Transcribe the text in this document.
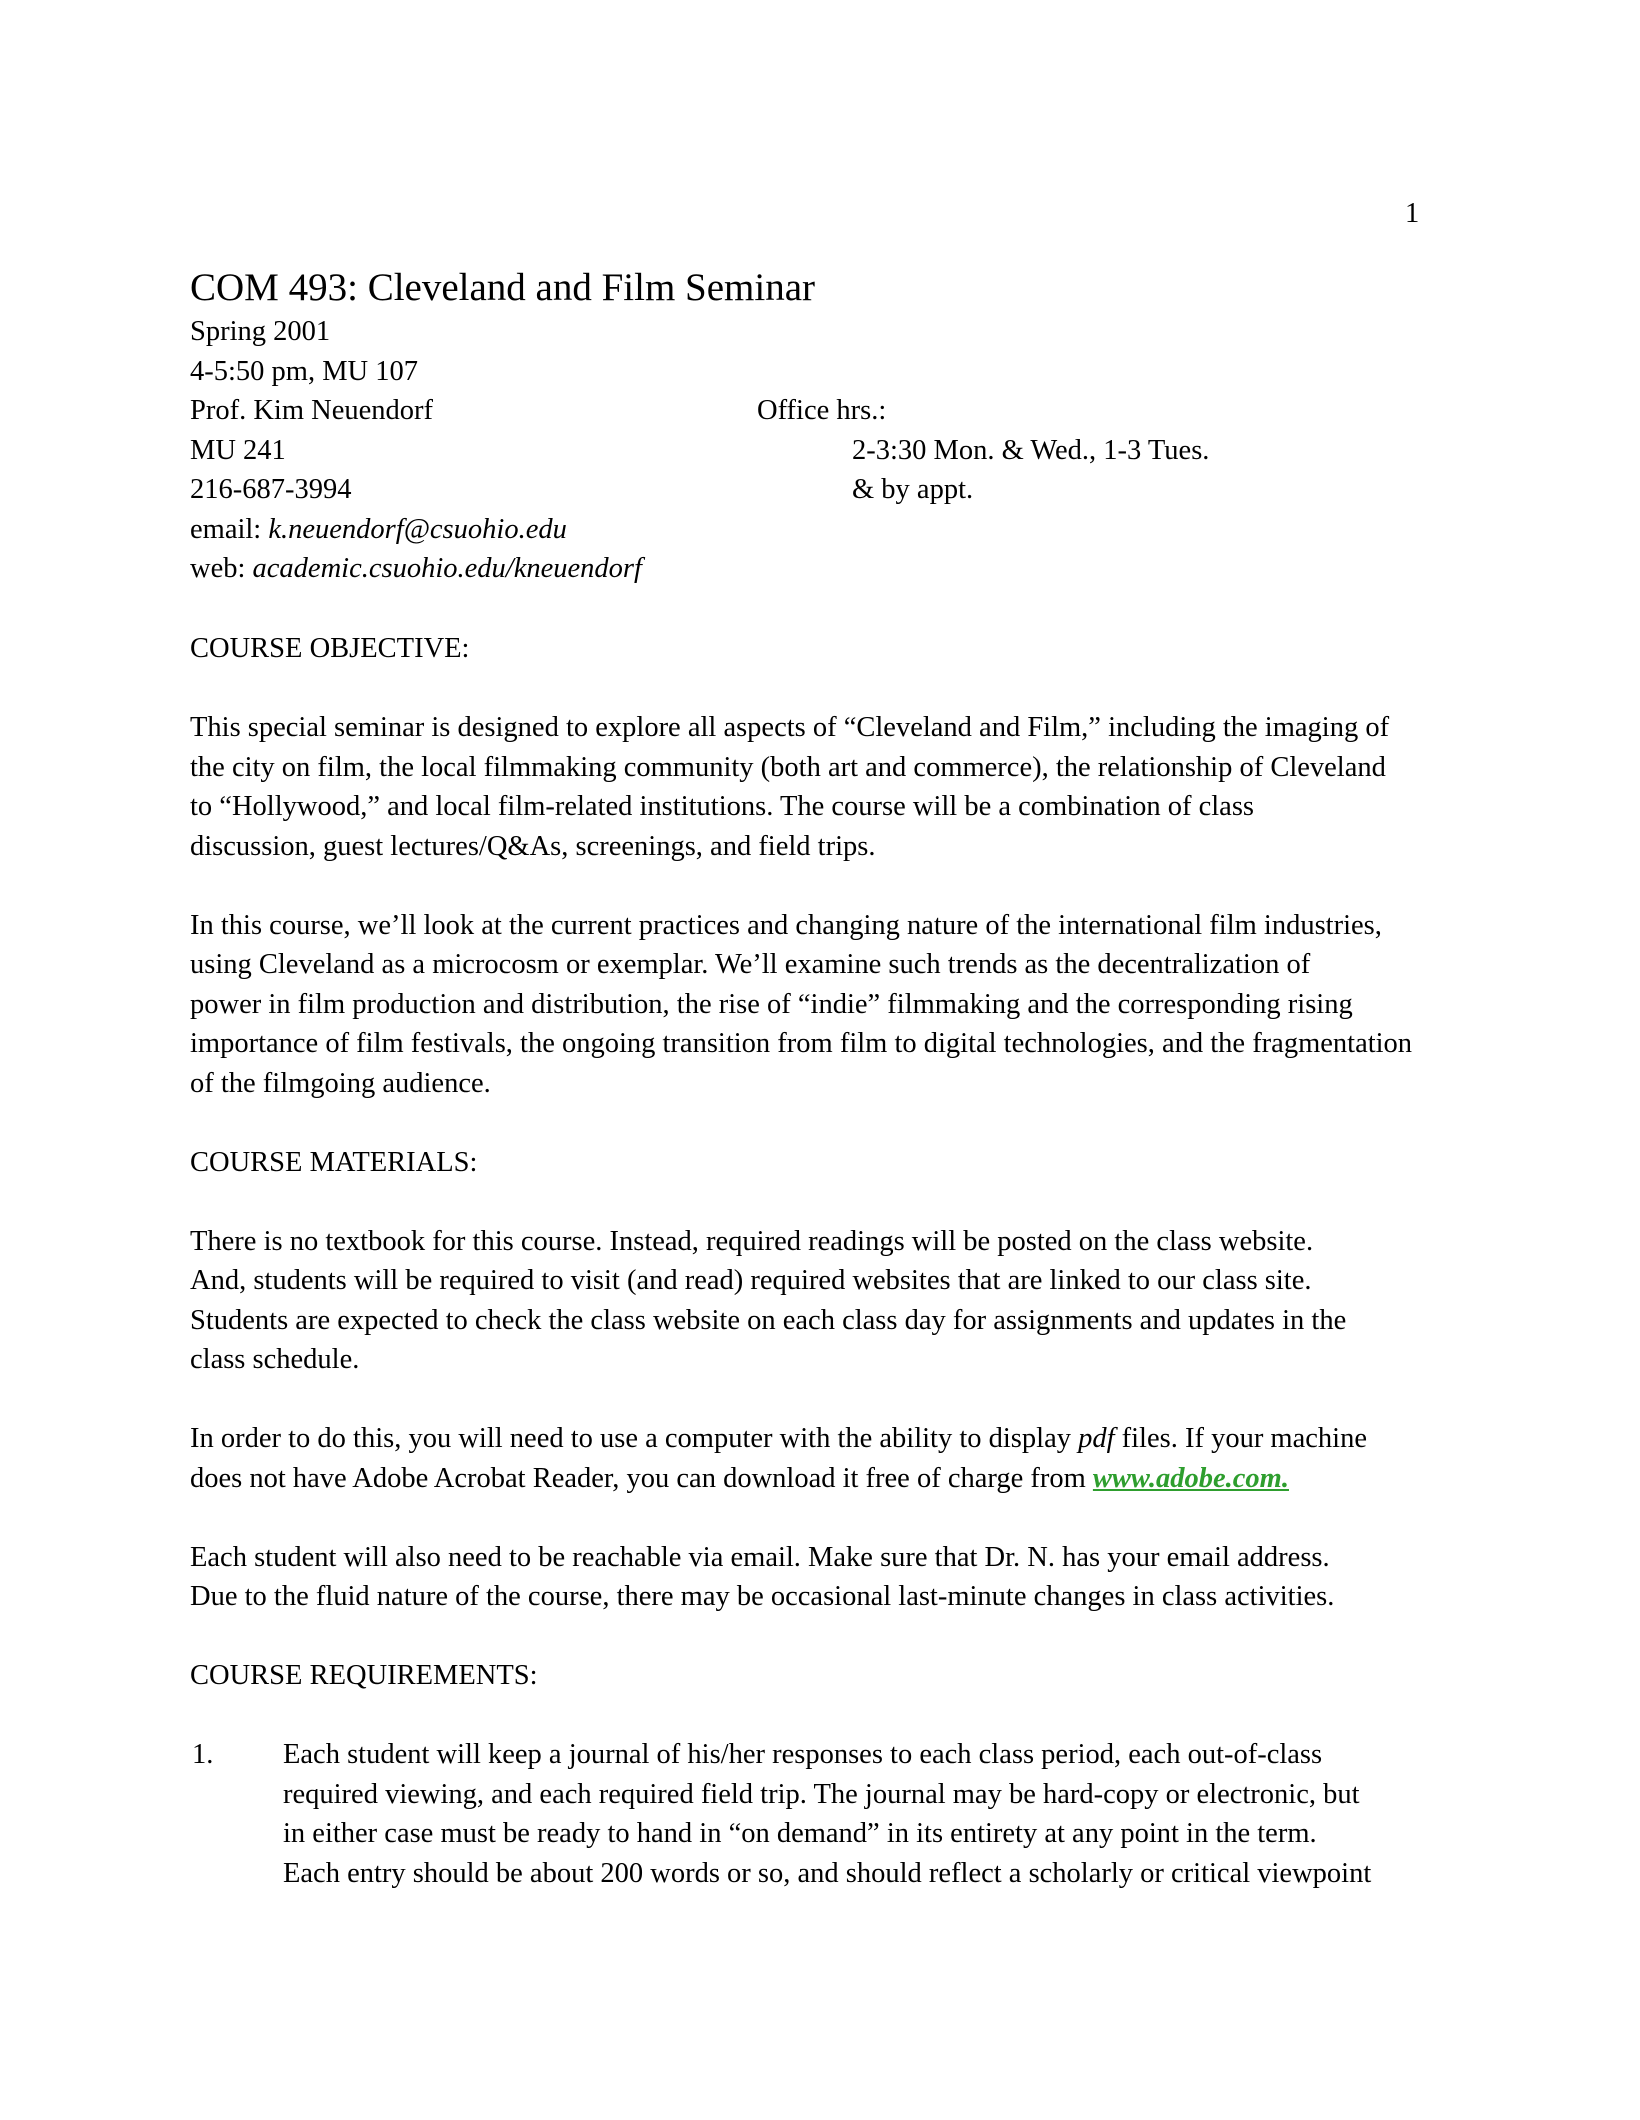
1
COM 493: Cleveland and Film Seminar
Spring 2001
4-5:50 pm, MU 107
Prof. Kim Neuendorf	Office hrs.:
MU 241	2-3:30 Mon. & Wed., 1-3 Tues.
216-687-3994	& by appt.
email: k.neuendorf@csuohio.edu
web: academic.csuohio.edu/kneuendorf
COURSE OBJECTIVE:

This special seminar is designed to explore all aspects of “Cleveland and Film,” including the imaging of
the city on film, the local filmmaking community (both art and commerce), the relationship of Cleveland
to “Hollywood,” and local film-related institutions. The course will be a combination of class
discussion, guest lectures/Q&As, screenings, and field trips.

In this course, we’ll look at the current practices and changing nature of the international film industries,
using Cleveland as a microcosm or exemplar. We’ll examine such trends as the decentralization of
power in film production and distribution, the rise of “indie” filmmaking and the corresponding rising
importance of film festivals, the ongoing transition from film to digital technologies, and the fragmentation
of the filmgoing audience.

COURSE MATERIALS:

There is no textbook for this course. Instead, required readings will be posted on the class website.
And, students will be required to visit (and read) required websites that are linked to our class site.
Students are expected to check the class website on each class day for assignments and updates in the
class schedule.

In order to do this, you will need to use a computer with the ability to display pdf files. If your machine
does not have Adobe Acrobat Reader, you can download it free of charge from www.adobe.com.

Each student will also need to be reachable via email. Make sure that Dr. N. has your email address.
Due to the fluid nature of the course, there may be occasional last-minute changes in class activities.

COURSE REQUIREMENTS:
1. Each student will keep a journal of his/her responses to each class period, each out-of-class
required viewing, and each required field trip. The journal may be hard-copy or electronic, but
in either case must be ready to hand in “on demand” in its entirety at any point in the term.
Each entry should be about 200 words or so, and should reflect a scholarly or critical viewpoint
